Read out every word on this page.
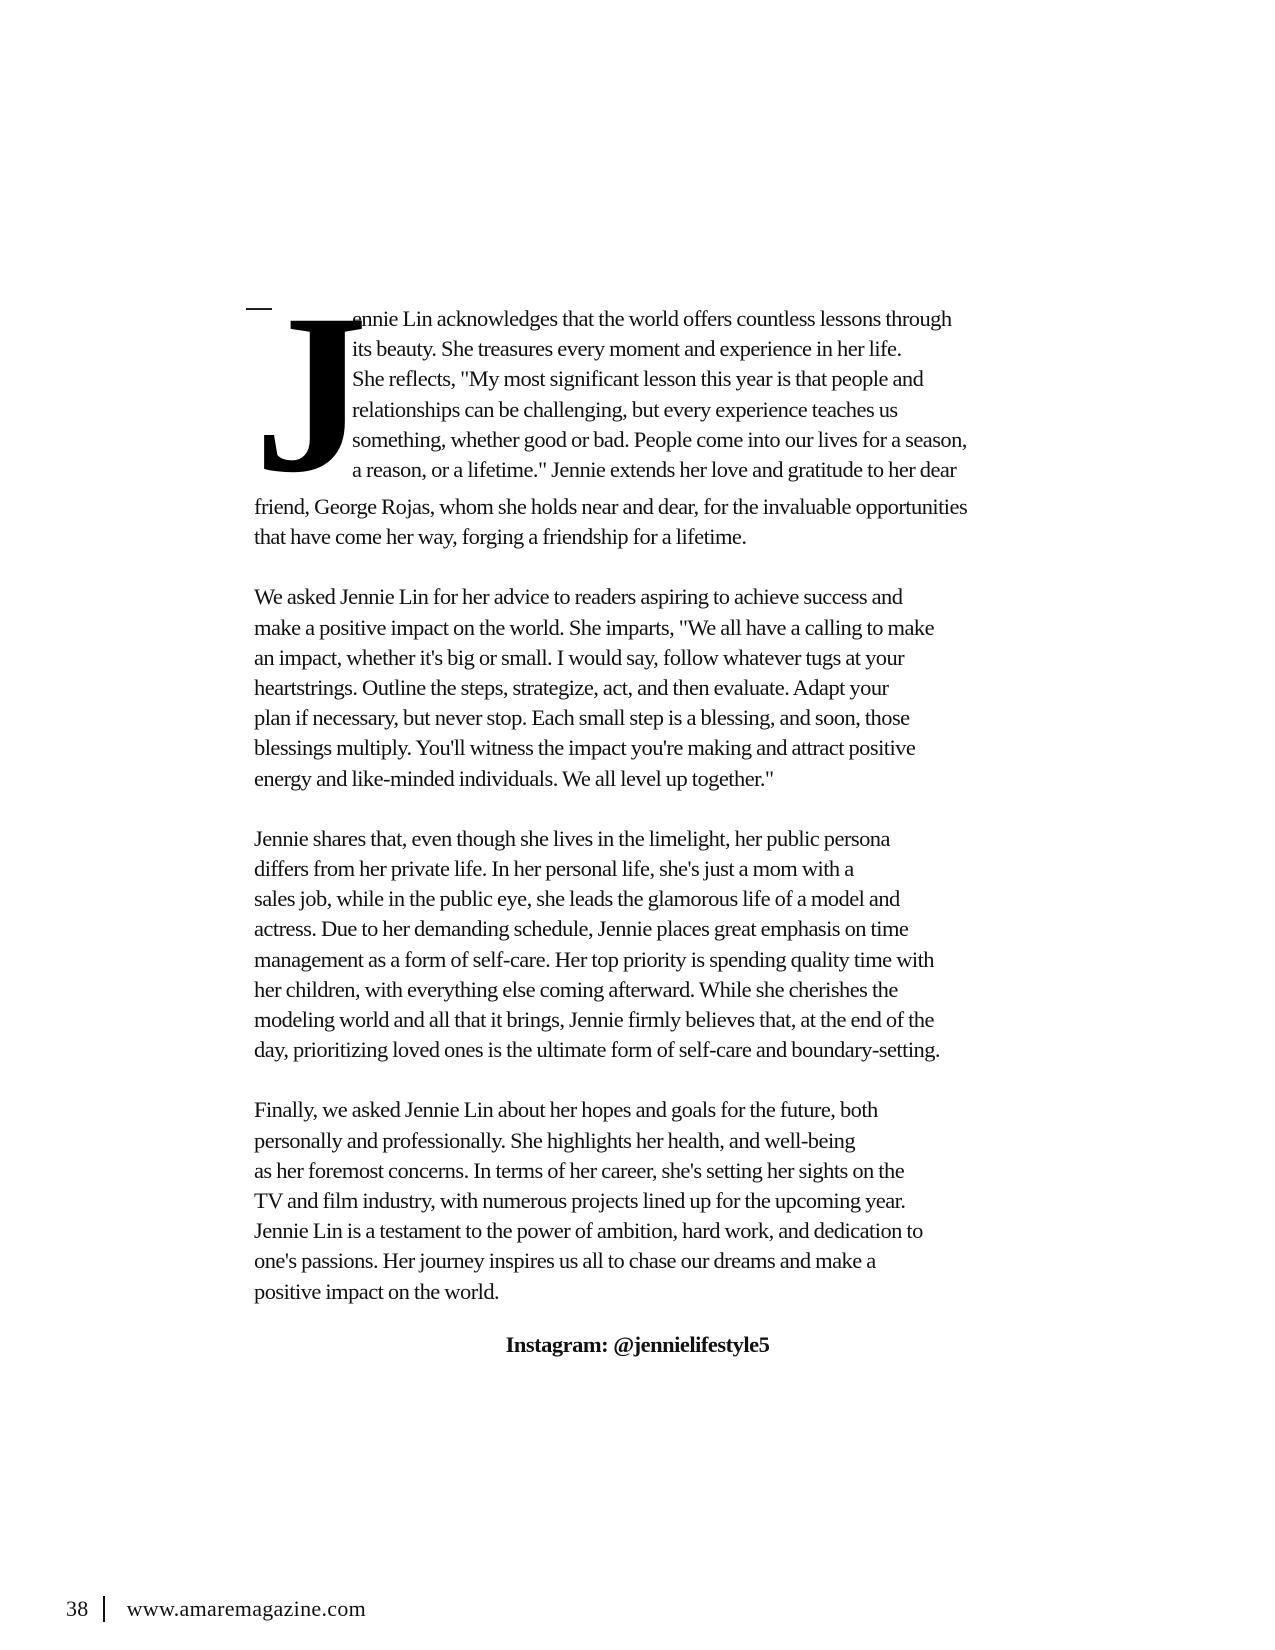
J
ennie Lin acknowledges that the world offers countless lessons through
its beauty. She treasures every moment and experience in her life.
She reflects, "My most significant lesson this year is that people and
relationships can be challenging, but every experience teaches us
something, whether good or bad. People come into our lives for a season,
a reason, or a lifetime." Jennie extends her love and gratitude to her dear
friend, George Rojas, whom she holds near and dear, for the invaluable opportunities
that have come her way, forging a friendship for a lifetime.

We asked Jennie Lin for her advice to readers aspiring to achieve success and
make a positive impact on the world. She imparts, "We all have a calling to make
an impact, whether it's big or small. I would say, follow whatever tugs at your
heartstrings. Outline the steps, strategize, act, and then evaluate. Adapt your
plan if necessary, but never stop. Each small step is a blessing, and soon, those
blessings multiply. You'll witness the impact you're making and attract positive
energy and like-minded individuals. We all level up together."

Jennie shares that, even though she lives in the limelight, her public persona
differs from her private life. In her personal life, she's just a mom with a
sales job, while in the public eye, she leads the glamorous life of a model and
actress. Due to her demanding schedule, Jennie places great emphasis on time
management as a form of self-care. Her top priority is spending quality time with
her children, with everything else coming afterward. While she cherishes the
modeling world and all that it brings, Jennie firmly believes that, at the end of the
day, prioritizing loved ones is the ultimate form of self-care and boundary-setting.

Finally, we asked Jennie Lin about her hopes and goals for the future, both
personally and professionally. She highlights her health, and well-being
as her foremost concerns. In terms of her career, she's setting her sights on the
TV and film industry, with numerous projects lined up for the upcoming year.
Jennie Lin is a testament to the power of ambition, hard work, and dedication to
one's passions. Her journey inspires us all to chase our dreams and make a
positive impact on the world.

Instagram: @jennielifestyle5
38 www.amaremagazine.com
